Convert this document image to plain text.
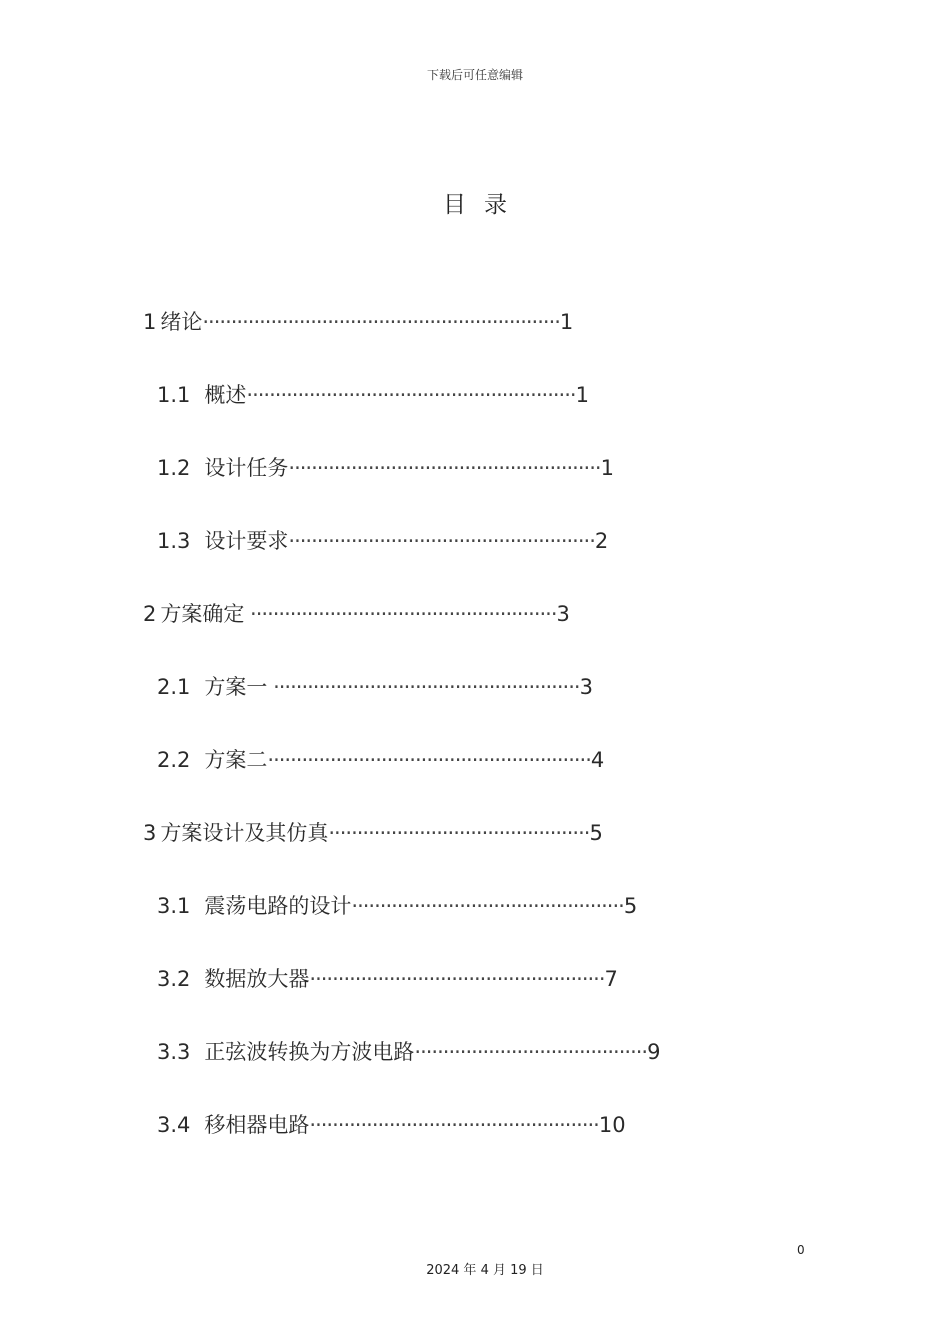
下载后可任意编辑
目录
1 绪论·······························································1
1.1 概述··························································1
1.2 设计任务·······················································1
1.3 设计要求······················································2
2 方案确定 ······················································3
2.1 方案一 ······················································3
2.2 方案二·························································4
3 方案设计及其仿真··············································5
3.1 震荡电路的设计················································5
3.2 数据放大器····················································7
3.3 正弦波转换为方波电路·········································9
3.4 移相器电路···················································10
0
2024 年 4 月 19 日
